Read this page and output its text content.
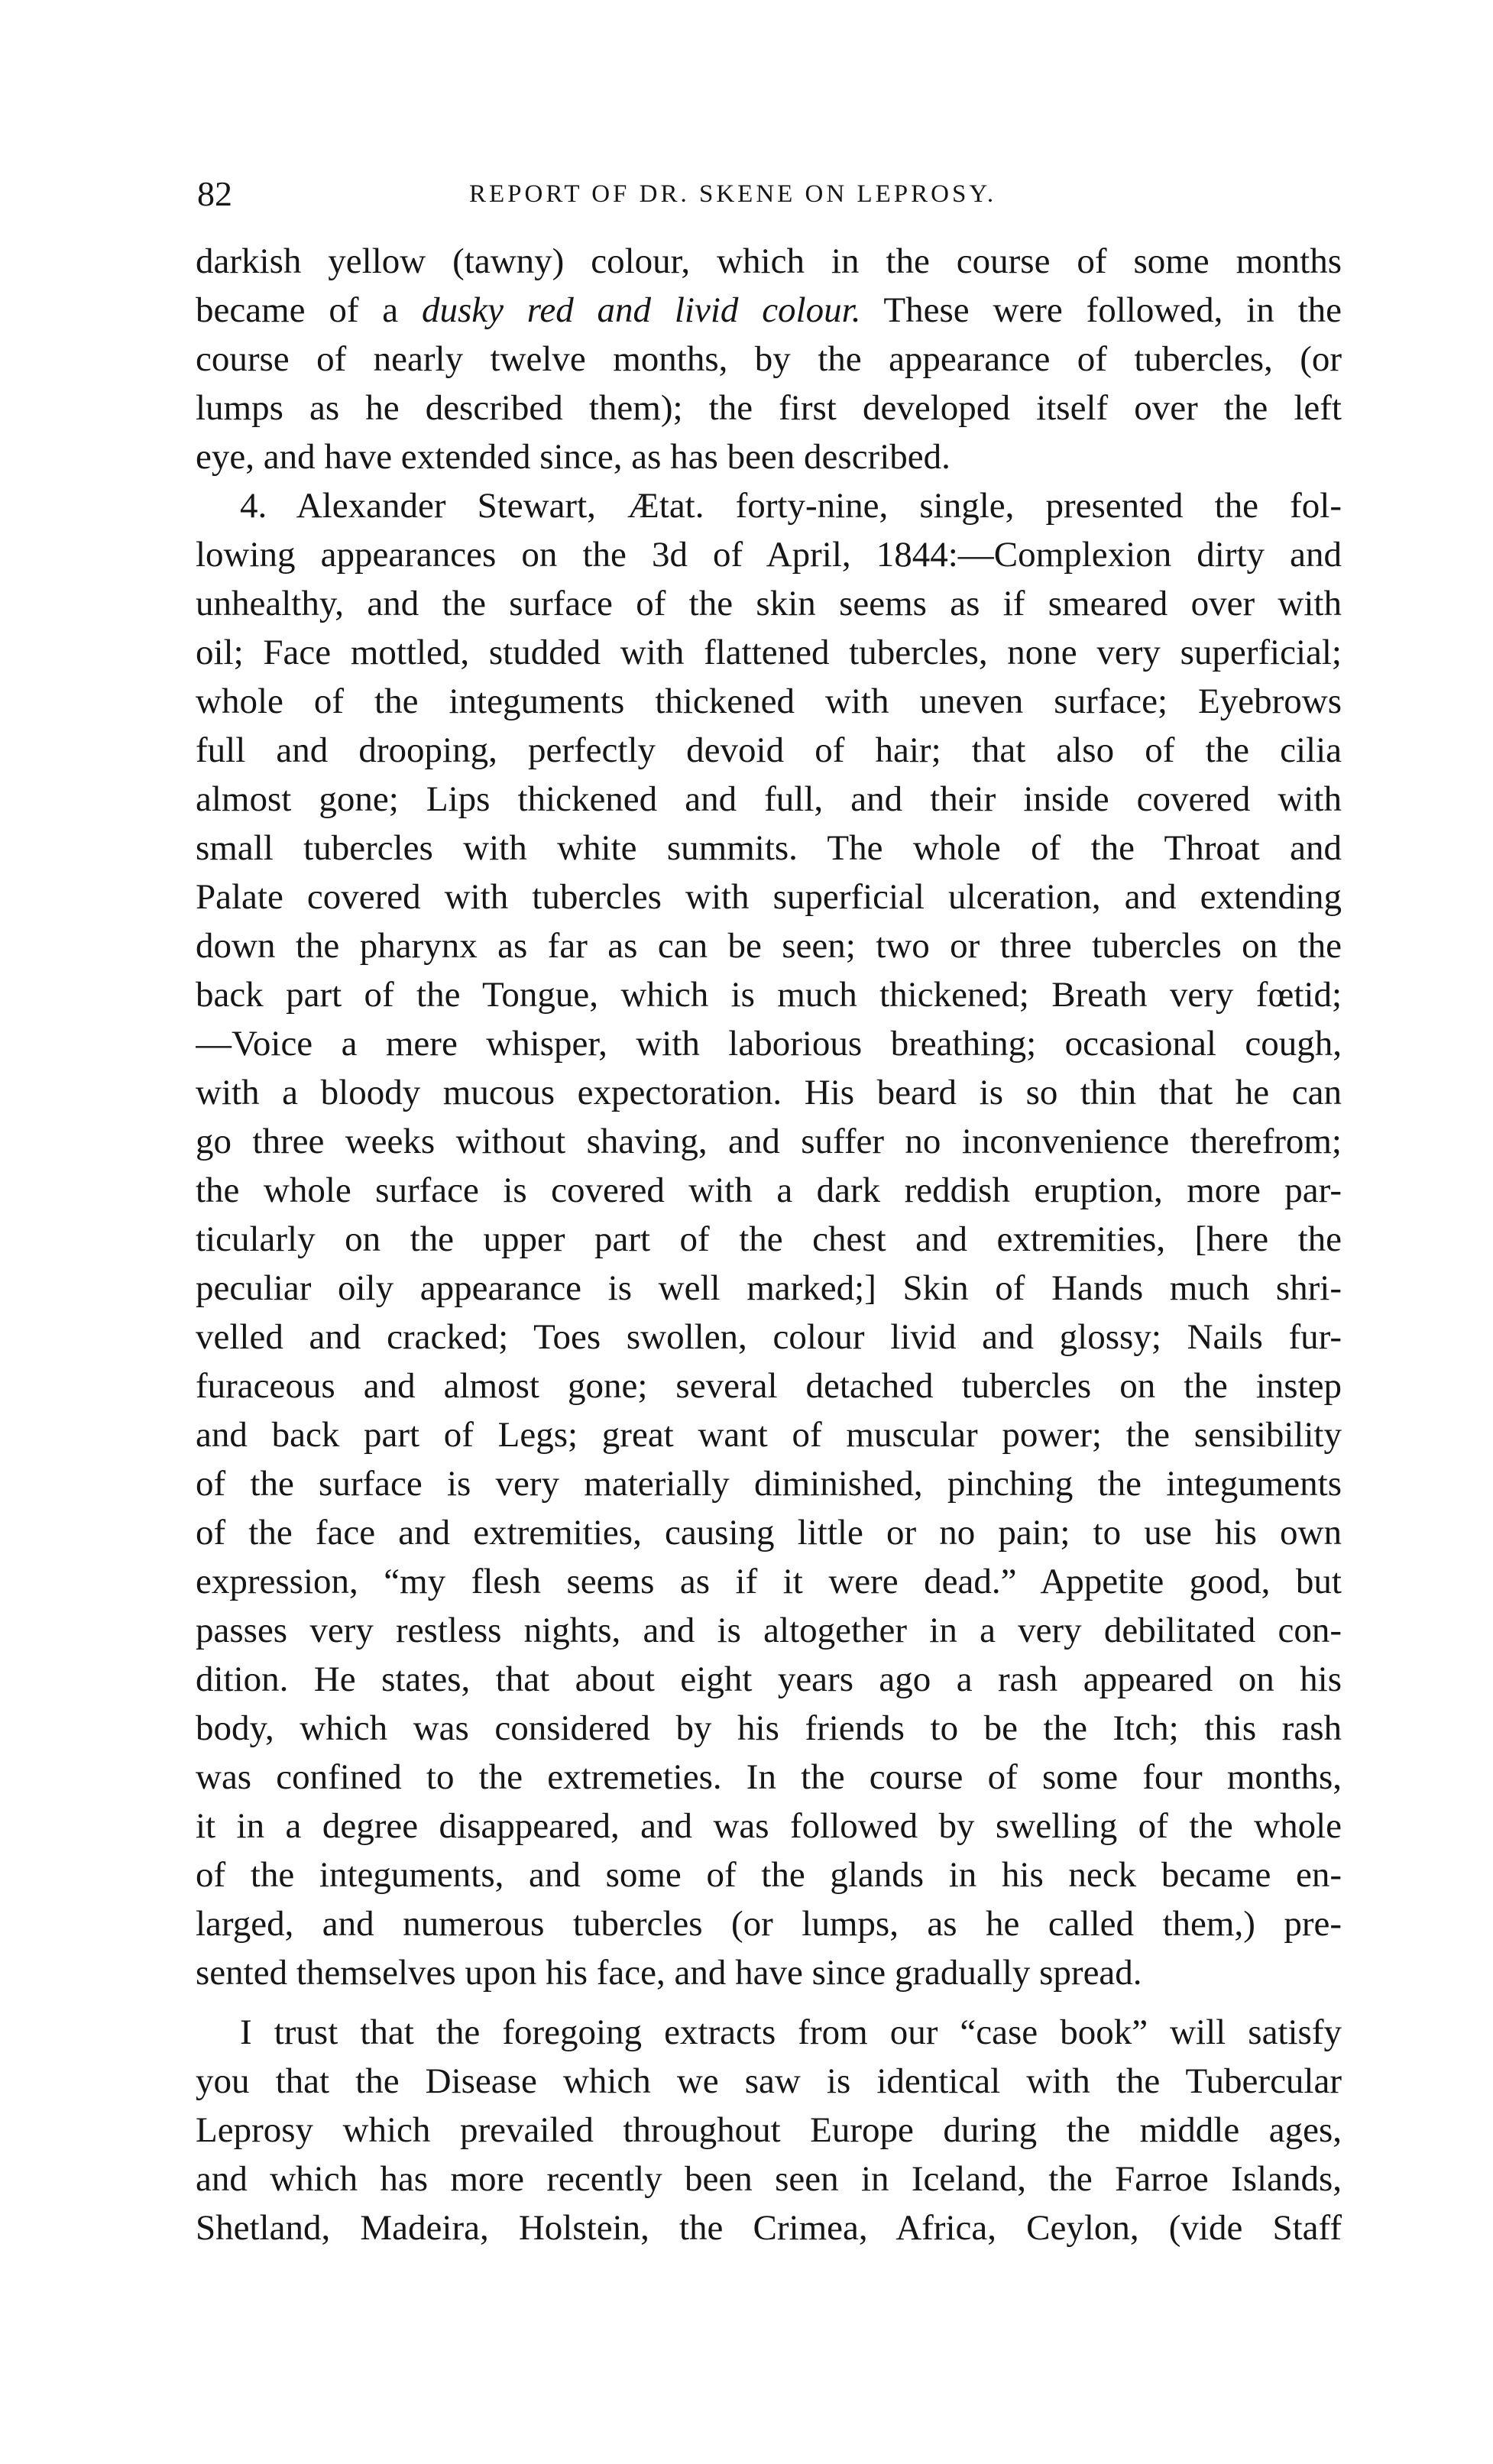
82	REPORT OF DR. SKENE ON LEPROSY.
darkish yellow (tawny) colour, which in the course of some months
became of a dusky red and livid colour. These were followed, in the
course of nearly twelve months, by the appearance of tubercles, (or
lumps as he described them); the first developed itself over the left
eye, and have extended since, as has been described.
4. Alexander Stewart, Ætat. forty-nine, single, presented the fol-
lowing appearances on the 3d of April, 1844:—Complexion dirty and
unhealthy, and the surface of the skin seems as if smeared over with
oil; Face mottled, studded with flattened tubercles, none very superficial;
whole of the integuments thickened with uneven surface; Eyebrows
full and drooping, perfectly devoid of hair; that also of the cilia
almost gone; Lips thickened and full, and their inside covered with
small tubercles with white summits. The whole of the Throat and
Palate covered with tubercles with superficial ulceration, and extending
down the pharynx as far as can be seen; two or three tubercles on the
back part of the Tongue, which is much thickened; Breath very fœtid;
—Voice a mere whisper, with laborious breathing; occasional cough,
with a bloody mucous expectoration. His beard is so thin that he can
go three weeks without shaving, and suffer no inconvenience therefrom;
the whole surface is covered with a dark reddish eruption, more par-
ticularly on the upper part of the chest and extremities, [here the
peculiar oily appearance is well marked;] Skin of Hands much shri-
velled and cracked; Toes swollen, colour livid and glossy; Nails fur-
furaceous and almost gone; several detached tubercles on the instep
and back part of Legs; great want of muscular power; the sensibility
of the surface is very materially diminished, pinching the integuments
of the face and extremities, causing little or no pain; to use his own
expression, “my flesh seems as if it were dead.” Appetite good, but
passes very restless nights, and is altogether in a very debilitated con-
dition. He states, that about eight years ago a rash appeared on his
body, which was considered by his friends to be the Itch; this rash
was confined to the extremeties. In the course of some four months,
it in a degree disappeared, and was followed by swelling of the whole
of the integuments, and some of the glands in his neck became en-
larged, and numerous tubercles (or lumps, as he called them,) pre-
sented themselves upon his face, and have since gradually spread.
I trust that the foregoing extracts from our “case book” will satisfy
you that the Disease which we saw is identical with the Tubercular
Leprosy which prevailed throughout Europe during the middle ages,
and which has more recently been seen in Iceland, the Farroe Islands,
Shetland, Madeira, Holstein, the Crimea, Africa, Ceylon, (vide Staff
